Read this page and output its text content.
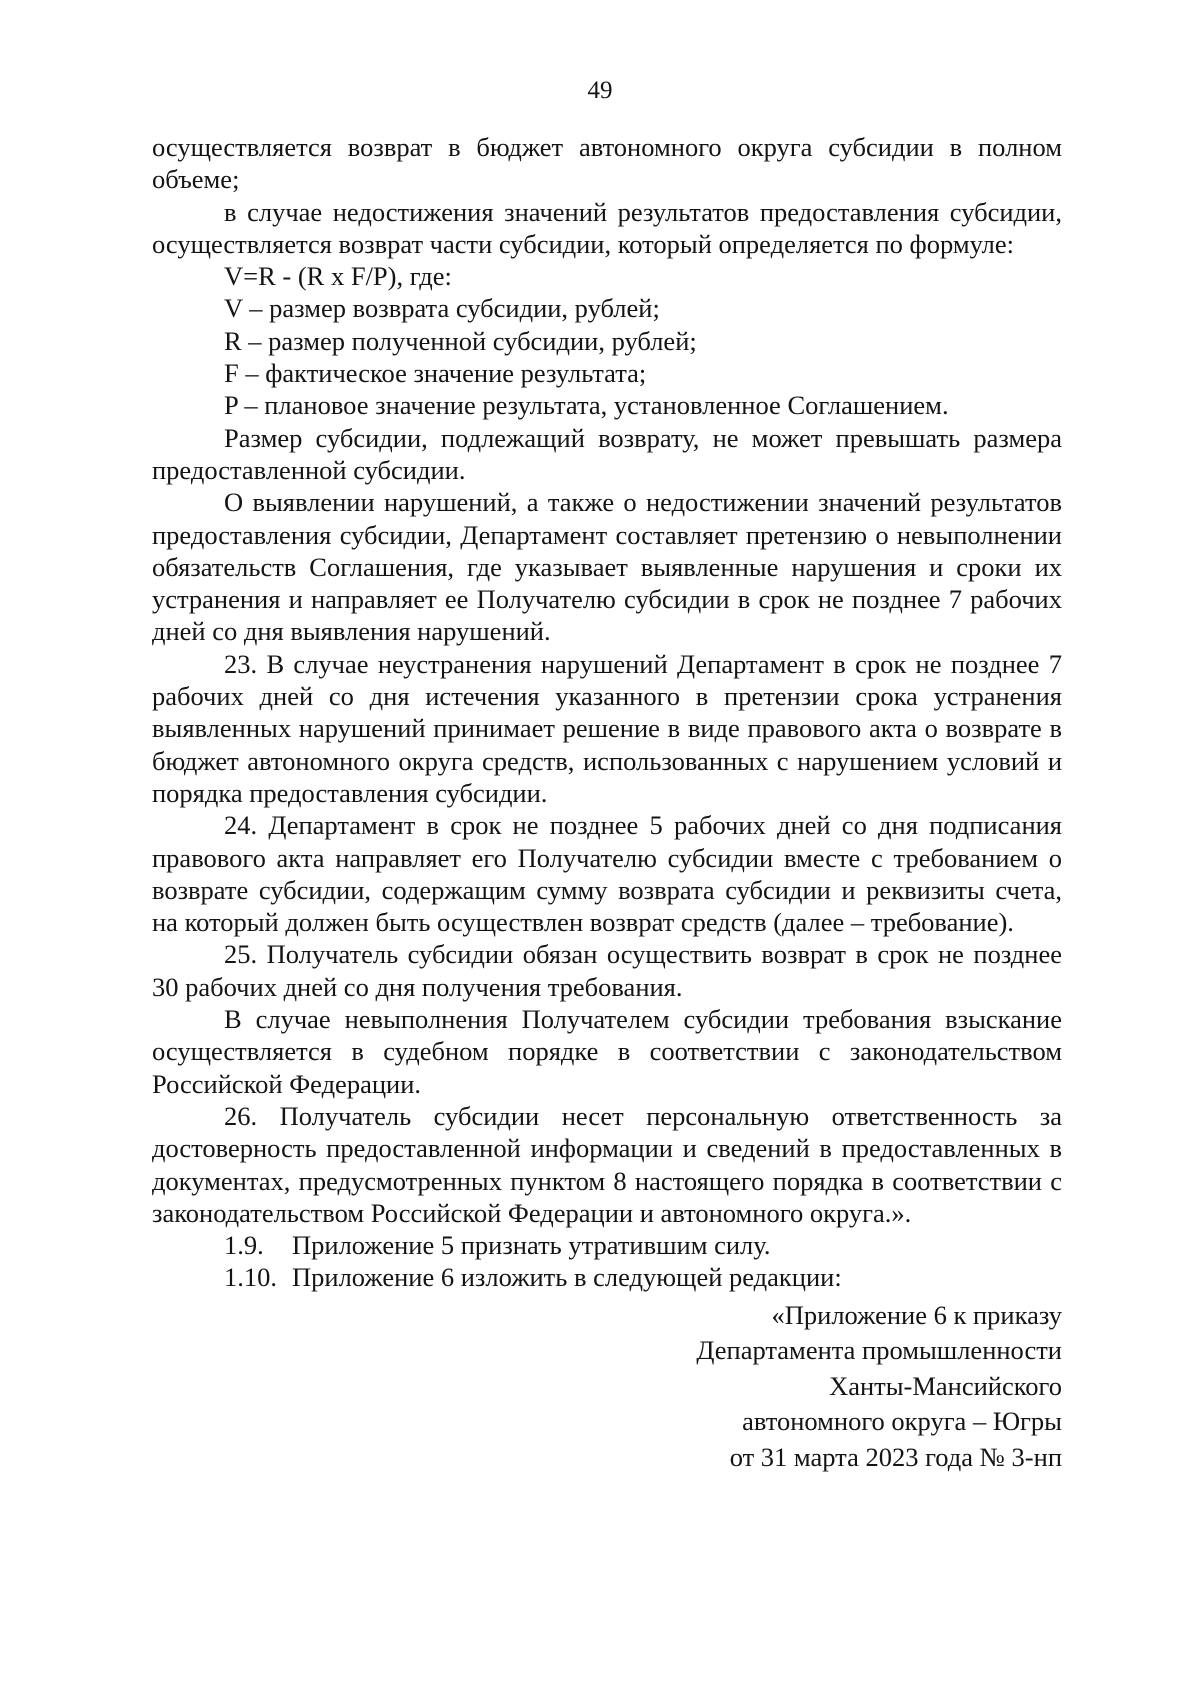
49

осуществляется возврат в бюджет автономного округа субсидии в полном объеме;

в случае недостижения значений результатов предоставления субсидии, осуществляется возврат части субсидии, который определяется по формуле:

V=R - (R x F/P), где:

V – размер возврата субсидии, рублей;

R – размер полученной субсидии, рублей;

F – фактическое значение результата;

P – плановое значение результата, установленное Соглашением.

Размер субсидии, подлежащий возврату, не может превышать размера предоставленной субсидии.

О выявлении нарушений, а также о недостижении значений результатов предоставления субсидии, Департамент составляет претензию о невыполнении обязательств Соглашения, где указывает выявленные нарушения и сроки их устранения и направляет ее Получателю субсидии в срок не позднее 7 рабочих дней со дня выявления нарушений.

23. В случае неустранения нарушений Департамент в срок не позднее 7 рабочих дней со дня истечения указанного в претензии срока устранения выявленных нарушений принимает решение в виде правового акта о возврате в бюджет автономного округа средств, использованных с нарушением условий и порядка предоставления субсидии.

24. Департамент в срок не позднее 5 рабочих дней со дня подписания правового акта направляет его Получателю субсидии вместе с требованием о возврате субсидии, содержащим сумму возврата субсидии и реквизиты счета, на который должен быть осуществлен возврат средств (далее – требование).

25. Получатель субсидии обязан осуществить возврат в срок не позднее 30 рабочих дней со дня получения требования.

В случае невыполнения Получателем субсидии требования взыскание осуществляется в судебном порядке в соответствии с законодательством Российской Федерации.

26. Получатель субсидии несет персональную ответственность за достоверность предоставленной информации и сведений в предоставленных в документах, предусмотренных пунктом 8 настоящего порядка в соответствии с законодательством Российской Федерации и автономного округа.».

1.9. Приложение 5 признать утратившим силу.

1.10. Приложение 6 изложить в следующей редакции:

«Приложение 6 к приказу
Департамента промышленности
Ханты-Мансийского
автономного округа – Югры
от 31 марта 2023 года № 3-нп
